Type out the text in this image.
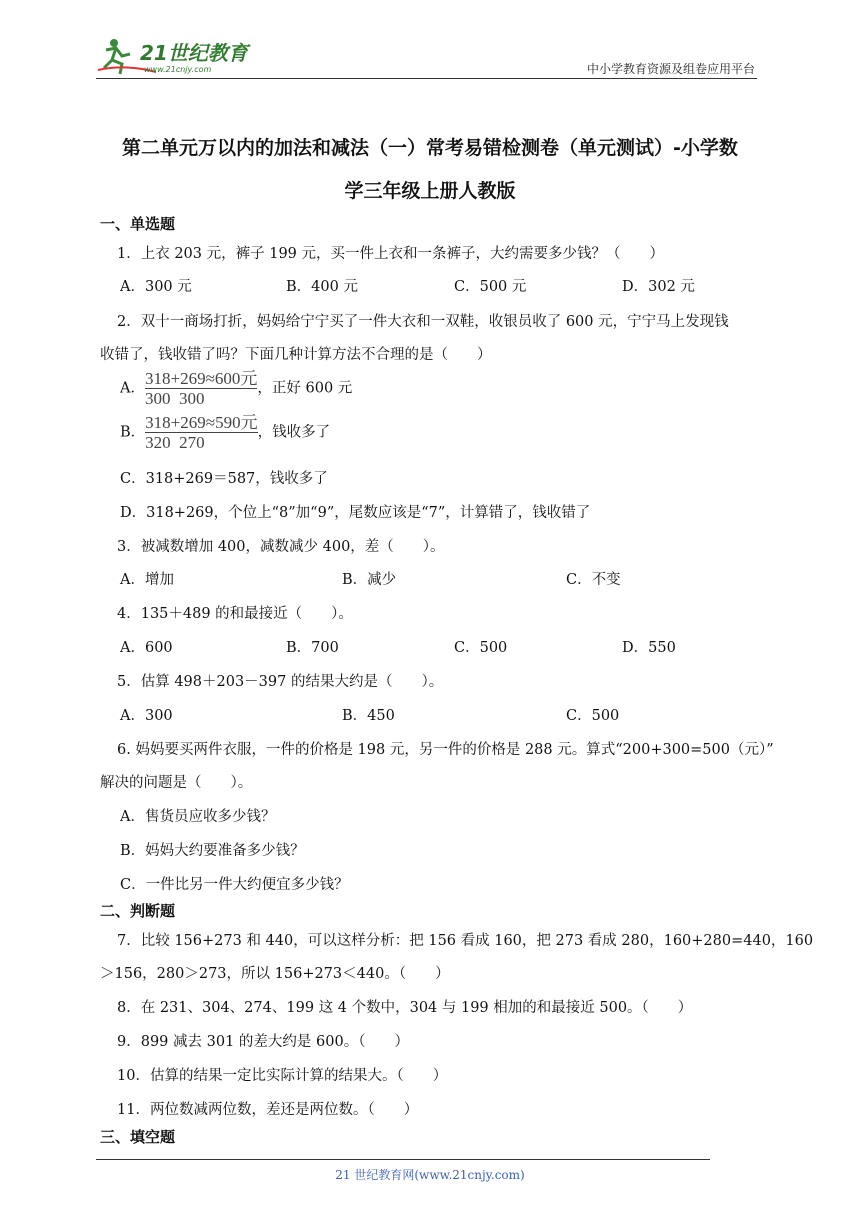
21世纪教育
www.21cnjy.com	中小学教育资源及组卷应用平台
第二单元万以内的加法和减法（一）常考易错检测卷（单元测试）-小学数
学三年级上册人教版
一、单选题
1．上衣 203 元，裤子 199 元，买一件上衣和一条裤子，大约需要多少钱？（　　）
A．300 元	B．400 元	C．500 元	D．302 元
2．双十一商场打折，妈妈给宁宁买了一件大衣和一双鞋，收银员收了 600 元，宁宁马上发现钱
收错了，钱收错了吗？下面几种计算方法不合理的是（　　）
A． $\frac{\text{318+269≈600元}}{300 300}$ ，正好 600 元
B． $\frac{\text{318+269≈590元}}{320 270}$ ，钱收多了
C．318+269＝587，钱收多了
D．318+269，个位上“8”加“9”，尾数应该是“7”，计算错了，钱收错了
3．被减数增加 400，减数减少 400，差（　　）。
A．增加	B．减少	C．不变
4．135＋489 的和最接近（　　）。
A．600	B．700	C．500	D．550
5．估算 498＋203－397 的结果大约是（　　）。
A．300	B．450	C．500
6. 妈妈要买两件衣服，一件的价格是 198 元，另一件的价格是 288 元。算式“200+300=500（元）”
解决的问题是（　　）。
A．售货员应收多少钱？
B．妈妈大约要准备多少钱？
C．一件比另一件大约便宜多少钱？
二、判断题
7．比较 156+273 和 440，可以这样分析：把 156 看成 160，把 273 看成 280，160+280=440，160
＞156，280＞273，所以 156+273＜440。（　　）
8．在 231、304、274、199 这 4 个数中，304 与 199 相加的和最接近 500。（　　）
9．899 减去 301 的差大约是 600。（　　）
10．估算的结果一定比实际计算的结果大。（　　）
11．两位数减两位数，差还是两位数。（　　）
三、填空题
21 世纪教育网(www.21cnjy.com)
